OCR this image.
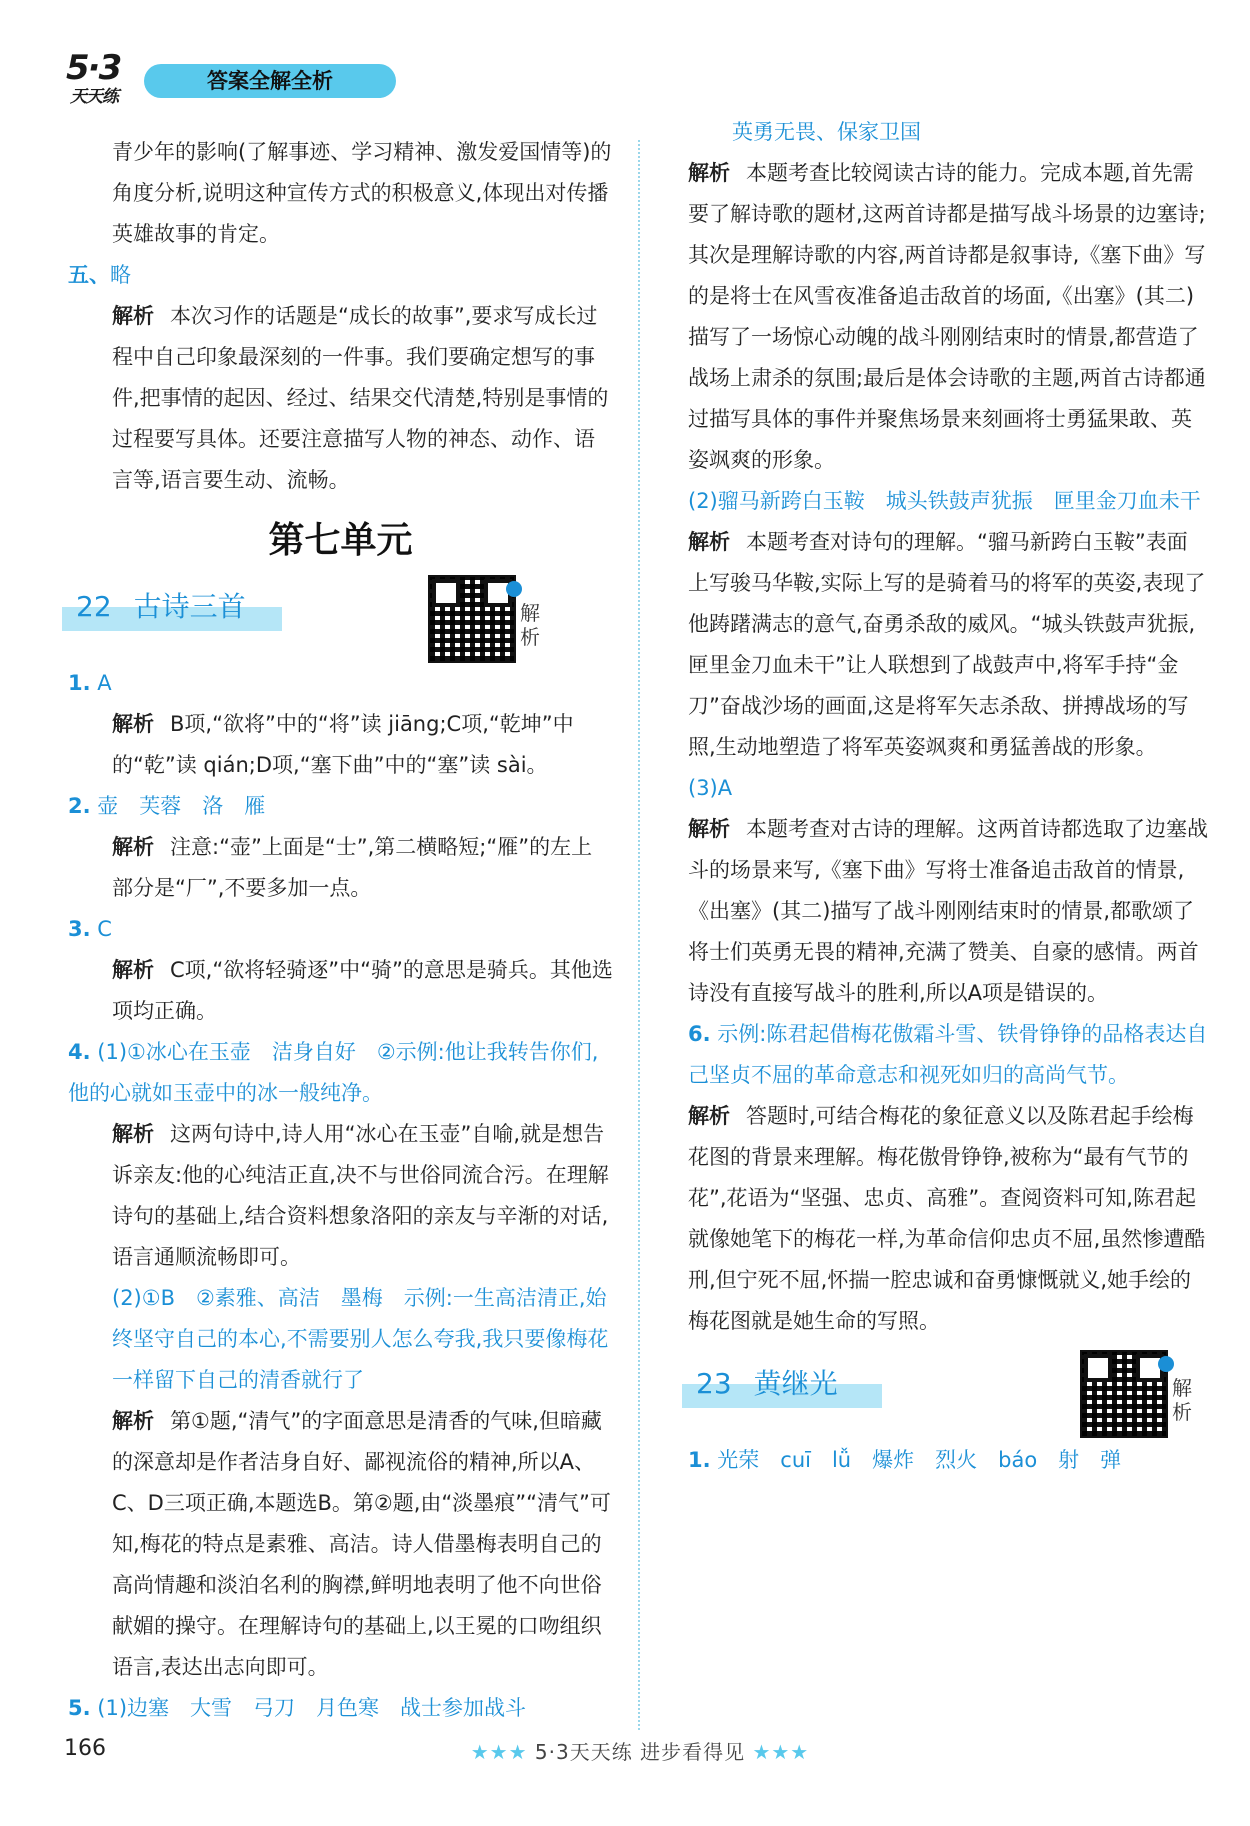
5·3
天天练
答案全解全析

青少年的影响(了解事迹、学习精神、激发爱国情等)的角度分析,说明这种宣传方式的积极意义,体现出对传播英雄故事的肯定。

五、略

解析 本次习作的话题是“成长的故事”,要求写成长过程中自己印象最深刻的一件事。我们要确定想写的事件,把事情的起因、经过、结果交代清楚,特别是事情的过程要写具体。还要注意描写人物的神态、动作、语言等,语言要生动、流畅。

第七单元
22 古诗三首	解析

1. A

解析 B项,“欲将”中的“将”读 jiāng;C项,“乾坤”中的“乾”读 qián;D项,“塞下曲”中的“塞”读 sài。

2. 壶　芙蓉　洛　雁

解析 注意:“壶”上面是“士”,第二横略短;“雁”的左上部分是“厂”,不要多加一点。

3. C

解析 C项,“欲将轻骑逐”中“骑”的意思是骑兵。其他选项均正确。

4. (1)①冰心在玉壶　洁身自好　②示例:他让我转告你们,他的心就如玉壶中的冰一般纯净。

解析 这两句诗中,诗人用“冰心在玉壶”自喻,就是想告诉亲友:他的心纯洁正直,决不与世俗同流合污。在理解诗句的基础上,结合资料想象洛阳的亲友与辛渐的对话,语言通顺流畅即可。

(2)①B　②素雅、高洁　墨梅　示例:一生高洁清正,始终坚守自己的本心,不需要别人怎么夸我,我只要像梅花一样留下自己的清香就行了

解析 第①题,“清气”的字面意思是清香的气味,但暗藏的深意却是作者洁身自好、鄙视流俗的精神,所以A、C、D三项正确,本题选B。第②题,由“淡墨痕”“清气”可知,梅花的特点是素雅、高洁。诗人借墨梅表明自己的高尚情趣和淡泊名利的胸襟,鲜明地表明了他不向世俗献媚的操守。在理解诗句的基础上,以王冕的口吻组织语言,表达出志向即可。

5. (1)边塞　大雪　弓刀　月色寒　战士参加战斗

英勇无畏、保家卫国

解析 本题考查比较阅读古诗的能力。完成本题,首先需要了解诗歌的题材,这两首诗都是描写战斗场景的边塞诗;其次是理解诗歌的内容,两首诗都是叙事诗,《塞下曲》写的是将士在风雪夜准备追击敌首的场面,《出塞》(其二)描写了一场惊心动魄的战斗刚刚结束时的情景,都营造了战场上肃杀的氛围;最后是体会诗歌的主题,两首古诗都通过描写具体的事件并聚焦场景来刻画将士勇猛果敢、英姿飒爽的形象。

(2)骝马新跨白玉鞍　城头铁鼓声犹振　匣里金刀血未干

解析 本题考查对诗句的理解。“骝马新跨白玉鞍”表面上写骏马华鞍,实际上写的是骑着马的将军的英姿,表现了他踌躇满志的意气,奋勇杀敌的威风。“城头铁鼓声犹振,匣里金刀血未干”让人联想到了战鼓声中,将军手持“金刀”奋战沙场的画面,这是将军矢志杀敌、拼搏战场的写照,生动地塑造了将军英姿飒爽和勇猛善战的形象。

(3)A

解析 本题考查对古诗的理解。这两首诗都选取了边塞战斗的场景来写,《塞下曲》写将士准备追击敌首的情景,《出塞》(其二)描写了战斗刚刚结束时的情景,都歌颂了将士们英勇无畏的精神,充满了赞美、自豪的感情。两首诗没有直接写战斗的胜利,所以A项是错误的。

6. 示例:陈君起借梅花傲霜斗雪、铁骨铮铮的品格表达自己坚贞不屈的革命意志和视死如归的高尚气节。

解析 答题时,可结合梅花的象征意义以及陈君起手绘梅花图的背景来理解。梅花傲骨铮铮,被称为“最有气节的花”,花语为“坚强、忠贞、高雅”。查阅资料可知,陈君起就像她笔下的梅花一样,为革命信仰忠贞不屈,虽然惨遭酷刑,但宁死不屈,怀揣一腔忠诚和奋勇慷慨就义,她手绘的梅花图就是她生命的写照。

23 黄继光	解析

1. 光荣　cuī　lǚ　爆炸　烈火　báo　射　弹

166	★★★ 5·3天天练 进步看得见 ★★★
